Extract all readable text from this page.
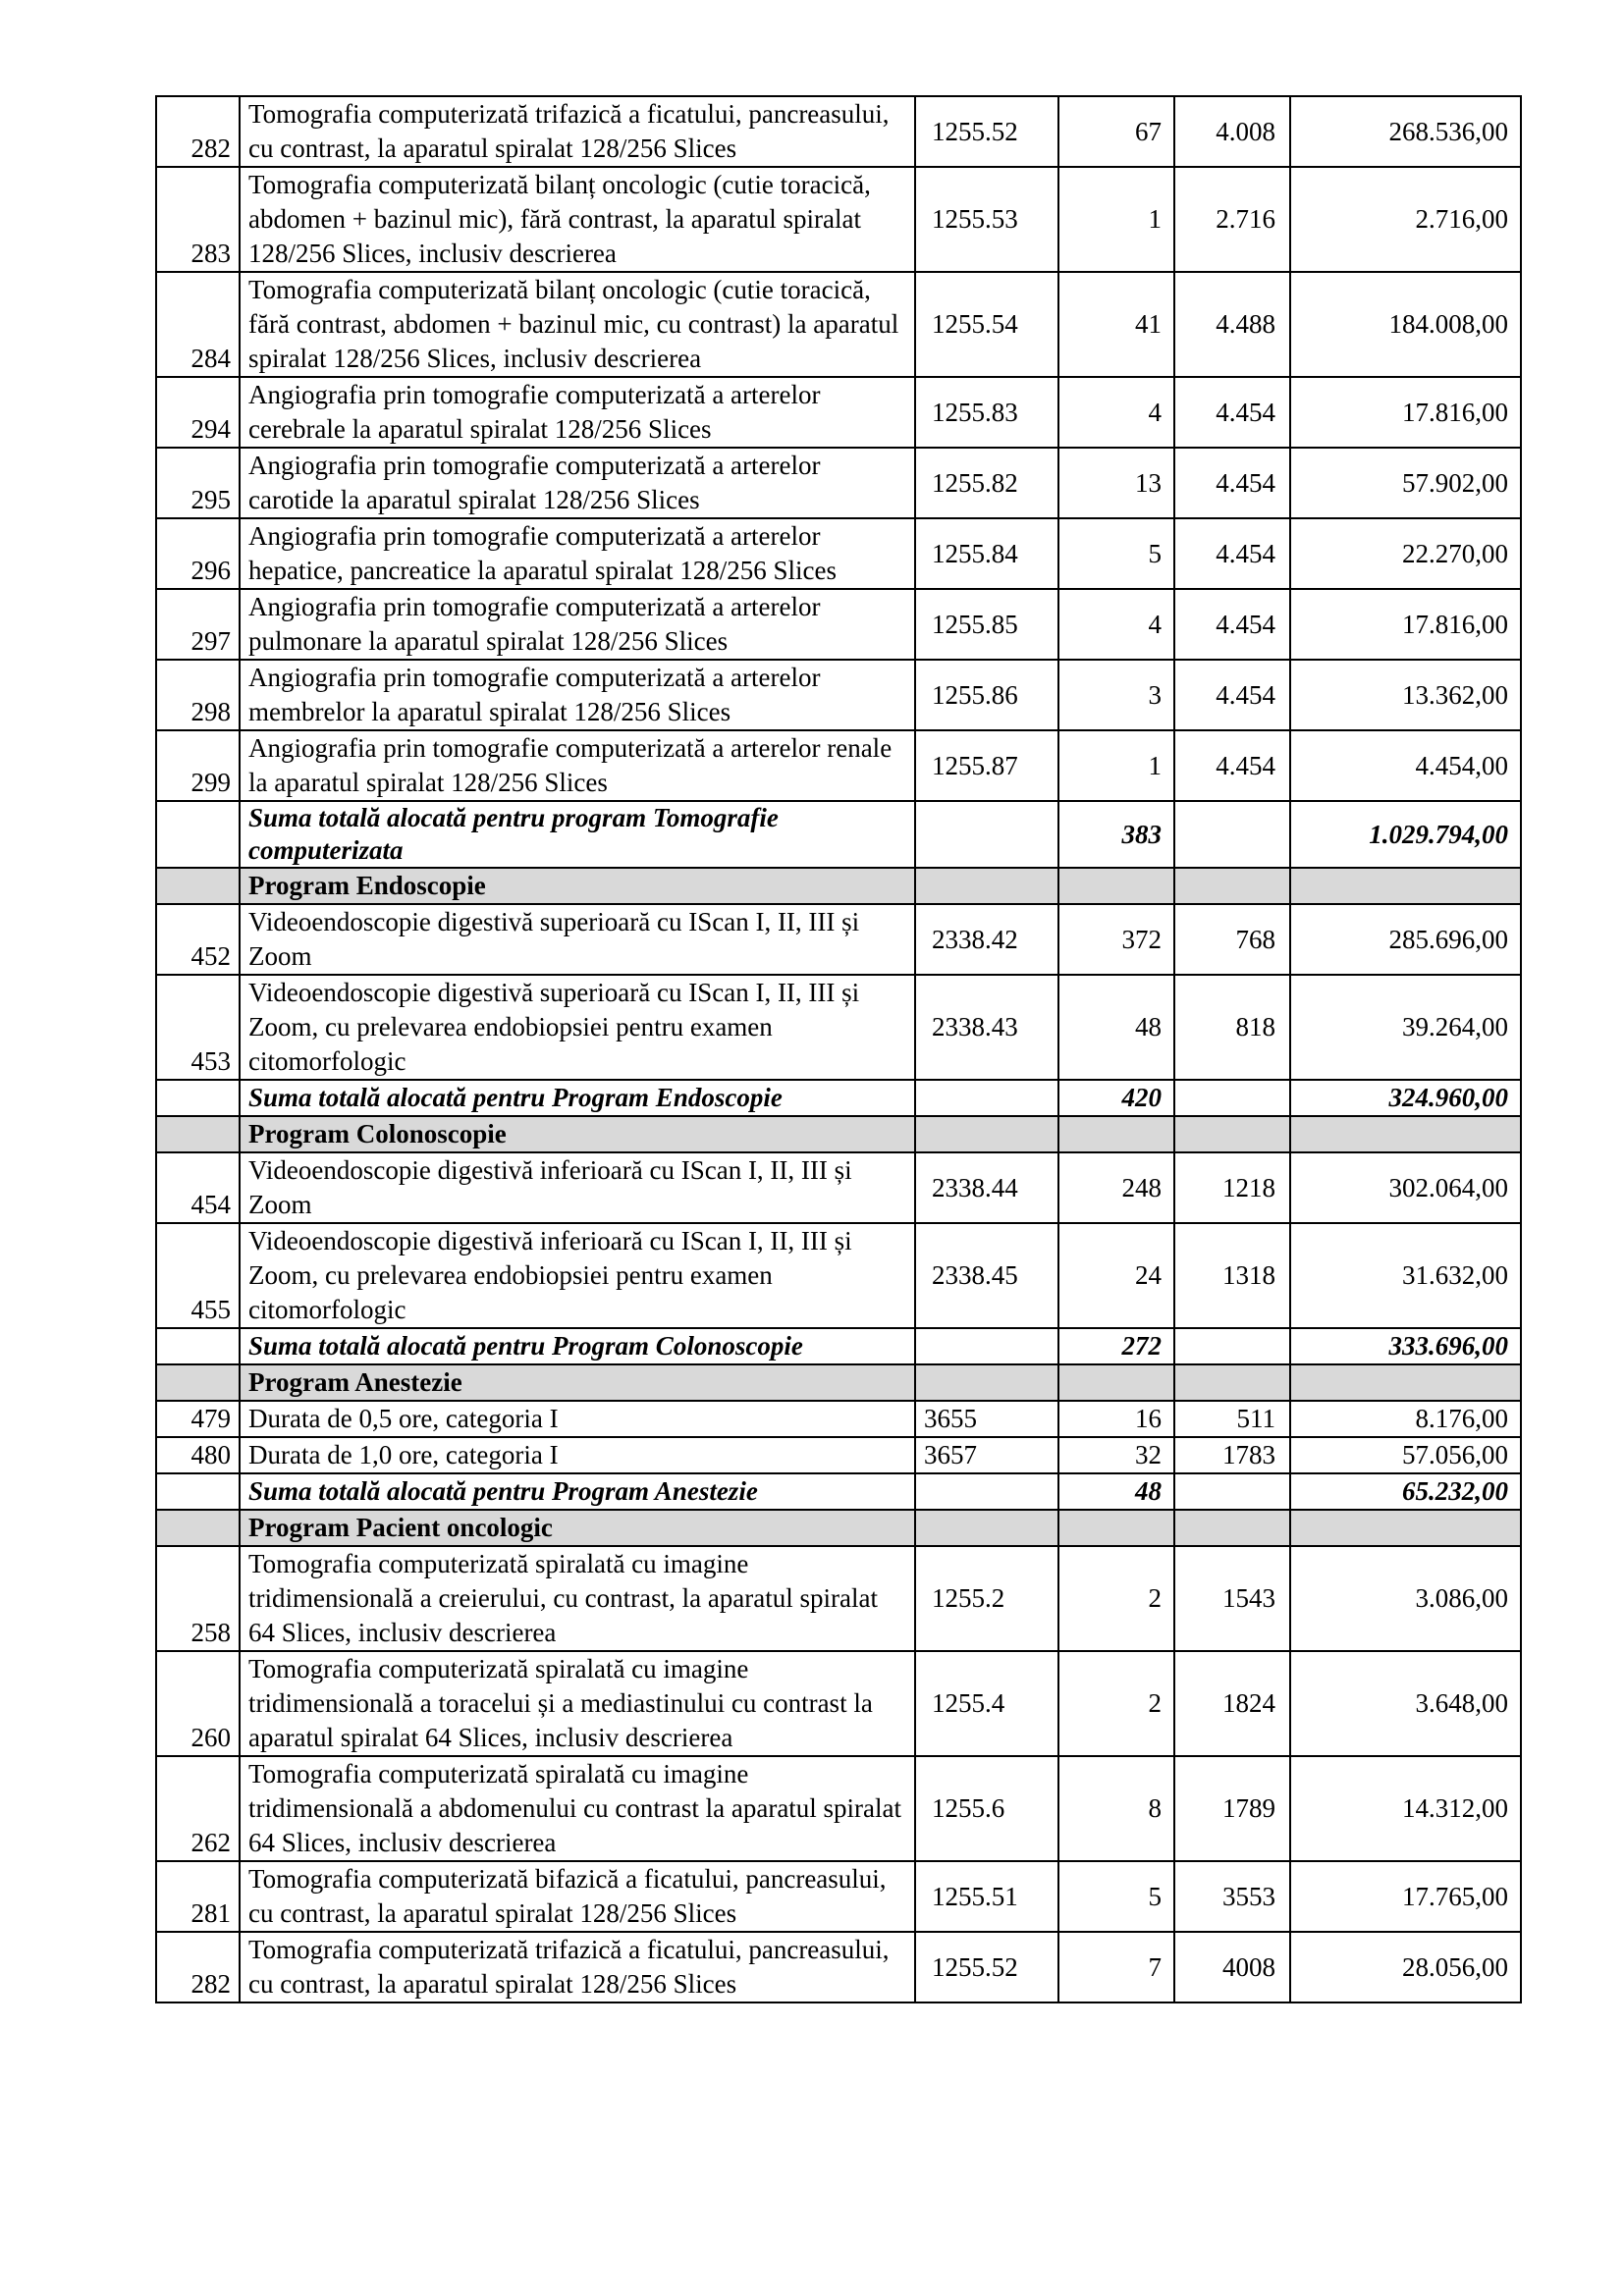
282	Tomografia computerizată trifazică a ficatului, pancreasului, cu contrast, la aparatul spiralat 128/256 Slices	1255.52	67	4.008	268.536,00
283	Tomografia computerizată bilanț oncologic (cutie toracică, abdomen + bazinul mic), fără contrast, la aparatul spiralat 128/256 Slices, inclusiv descrierea	1255.53	1	2.716	2.716,00
284	Tomografia computerizată bilanț oncologic (cutie toracică, fără contrast, abdomen + bazinul mic, cu contrast) la aparatul spiralat 128/256 Slices, inclusiv descrierea	1255.54	41	4.488	184.008,00
294	Angiografia prin tomografie computerizată a arterelor cerebrale la aparatul spiralat 128/256 Slices	1255.83	4	4.454	17.816,00
295	Angiografia prin tomografie computerizată a arterelor carotide la aparatul spiralat 128/256 Slices	1255.82	13	4.454	57.902,00
296	Angiografia prin tomografie computerizată a arterelor hepatice, pancreatice la aparatul spiralat 128/256 Slices	1255.84	5	4.454	22.270,00
297	Angiografia prin tomografie computerizată a arterelor pulmonare la aparatul spiralat 128/256 Slices	1255.85	4	4.454	17.816,00
298	Angiografia prin tomografie computerizată a arterelor membrelor la aparatul spiralat 128/256 Slices	1255.86	3	4.454	13.362,00
299	Angiografia prin tomografie computerizată a arterelor renale la aparatul spiralat 128/256 Slices	1255.87	1	4.454	4.454,00
	Suma totală alocată pentru program Tomografie computerizata		383		1.029.794,00
	Program Endoscopie				
452	Videoendoscopie digestivă superioară cu IScan I, II, III și Zoom	2338.42	372	768	285.696,00
453	Videoendoscopie digestivă superioară cu IScan I, II, III și Zoom, cu prelevarea endobiopsiei pentru examen citomorfologic	2338.43	48	818	39.264,00
	Suma totală alocată pentru Program Endoscopie		420		324.960,00
	Program Colonoscopie				
454	Videoendoscopie digestivă inferioară cu IScan I, II, III și Zoom	2338.44	248	1218	302.064,00
455	Videoendoscopie digestivă inferioară cu IScan I, II, III și Zoom, cu prelevarea endobiopsiei pentru examen citomorfologic	2338.45	24	1318	31.632,00
	Suma totală alocată pentru Program Colonoscopie		272		333.696,00
	Program Anestezie				
479	Durata de 0,5 ore, categoria I	3655	16	511	8.176,00
480	Durata de 1,0 ore, categoria I	3657	32	1783	57.056,00
	Suma totală alocată pentru Program Anestezie		48		65.232,00
	Program Pacient oncologic				
258	Tomografia computerizată spiralată cu imagine tridimensională a creierului, cu contrast, la aparatul spiralat 64 Slices, inclusiv descrierea	1255.2	2	1543	3.086,00
260	Tomografia computerizată spiralată cu imagine tridimensională a toracelui și a mediastinului cu contrast la aparatul spiralat 64 Slices, inclusiv descrierea	1255.4	2	1824	3.648,00
262	Tomografia computerizată spiralată cu imagine tridimensională a abdomenului cu contrast la aparatul spiralat 64 Slices, inclusiv descrierea	1255.6	8	1789	14.312,00
281	Tomografia computerizată bifazică a ficatului, pancreasului, cu contrast, la aparatul spiralat 128/256 Slices	1255.51	5	3553	17.765,00
282	Tomografia computerizată trifazică a ficatului, pancreasului, cu contrast, la aparatul spiralat 128/256 Slices	1255.52	7	4008	28.056,00
